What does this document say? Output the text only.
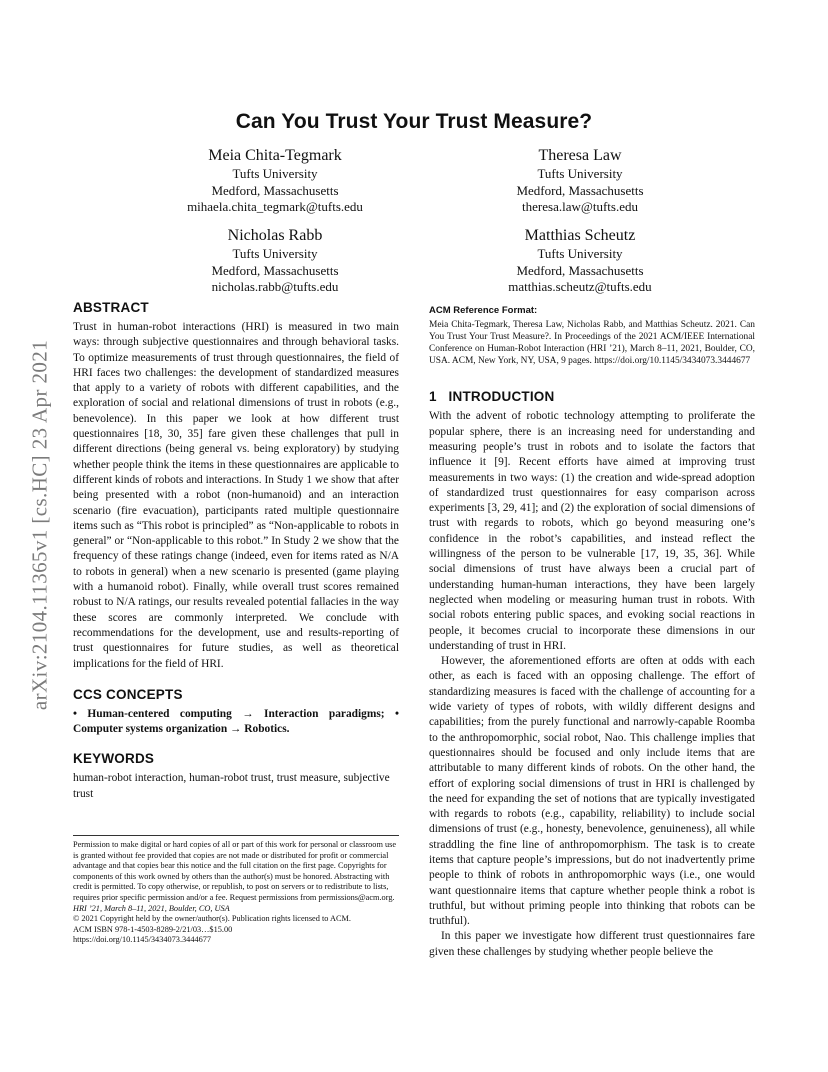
Can You Trust Your Trust Measure?
Meia Chita-Tegmark
Tufts University
Medford, Massachusetts
mihaela.chita_tegmark@tufts.edu
Theresa Law
Tufts University
Medford, Massachusetts
theresa.law@tufts.edu
Nicholas Rabb
Tufts University
Medford, Massachusetts
nicholas.rabb@tufts.edu
Matthias Scheutz
Tufts University
Medford, Massachusetts
matthias.scheutz@tufts.edu
arXiv:2104.11365v1 [cs.HC] 23 Apr 2021
ABSTRACT
Trust in human-robot interactions (HRI) is measured in two main ways: through subjective questionnaires and through behavioral tasks. To optimize measurements of trust through questionnaires, the field of HRI faces two challenges: the development of standardized measures that apply to a variety of robots with different capabilities, and the exploration of social and relational dimensions of trust in robots (e.g., benevolence). In this paper we look at how different trust questionnaires [18, 30, 35] fare given these challenges that pull in different directions (being general vs. being exploratory) by studying whether people think the items in these questionnaires are applicable to different kinds of robots and interactions. In Study 1 we show that after being presented with a robot (non-humanoid) and an interaction scenario (fire evacuation), participants rated multiple questionnaire items such as “This robot is principled” as “Non-applicable to robots in general” or “Non-applicable to this robot.” In Study 2 we show that the frequency of these ratings change (indeed, even for items rated as N/A to robots in general) when a new scenario is presented (game playing with a humanoid robot). Finally, while overall trust scores remained robust to N/A ratings, our results revealed potential fallacies in the way these scores are commonly interpreted. We conclude with recommendations for the development, use and results-reporting of trust questionnaires for future studies, as well as theoretical implications for the field of HRI.
CCS CONCEPTS
• Human-centered computing → Interaction paradigms; • Computer systems organization → Robotics.
KEYWORDS
human-robot interaction, human-robot trust, trust measure, subjective trust
Permission to make digital or hard copies of all or part of this work for personal or classroom use is granted without fee provided that copies are not made or distributed for profit or commercial advantage and that copies bear this notice and the full citation on the first page. Copyrights for components of this work owned by others than the author(s) must be honored. Abstracting with credit is permitted. To copy otherwise, or republish, to post on servers or to redistribute to lists, requires prior specific permission and/or a fee. Request permissions from permissions@acm.org.
HRI ’21, March 8–11, 2021, Boulder, CO, USA
© 2021 Copyright held by the owner/author(s). Publication rights licensed to ACM.
ACM ISBN 978-1-4503-8289-2/21/03…$15.00
https://doi.org/10.1145/3434073.3444677
ACM Reference Format:
Meia Chita-Tegmark, Theresa Law, Nicholas Rabb, and Matthias Scheutz. 2021. Can You Trust Your Trust Measure?. In Proceedings of the 2021 ACM/IEEE International Conference on Human-Robot Interaction (HRI ’21), March 8–11, 2021, Boulder, CO, USA. ACM, New York, NY, USA, 9 pages. https://doi.org/10.1145/3434073.3444677
1   INTRODUCTION

With the advent of robotic technology attempting to proliferate the popular sphere, there is an increasing need for understanding and measuring people’s trust in robots and to isolate the factors that influence it [9]. Recent efforts have aimed at improving trust measurements in two ways: (1) the creation and wide-spread adoption of standardized trust questionnaires for easy comparison across experiments [3, 29, 41]; and (2) the exploration of social dimensions of trust with regards to robots, which go beyond measuring one’s confidence in the robot’s capabilities, and instead reflect the willingness of the person to be vulnerable [17, 19, 35, 36]. While social dimensions of trust have always been a crucial part of understanding human-human interactions, they have been largely neglected when modeling or measuring human trust in robots. With social robots entering public spaces, and evoking social reactions in people, it becomes crucial to incorporate these dimensions in our understanding of trust in HRI.

However, the aforementioned efforts are often at odds with each other, as each is faced with an opposing challenge. The effort of standardizing measures is faced with the challenge of accounting for a wide variety of types of robots, with wildly different designs and capabilities; from the purely functional and narrowly-capable Roomba to the anthropomorphic, social robot, Nao. This challenge implies that questionnaires should be focused and only include items that are attributable to many different kinds of robots. On the other hand, the effort of exploring social dimensions of trust in HRI is challenged by the need for expanding the set of notions that are typically investigated with regards to robots (e.g., capability, reliability) to include social dimensions of trust (e.g., honesty, benevolence, genuineness), all while straddling the fine line of anthropomorphism. The task is to create items that capture people’s impressions, but do not inadvertently prime people to think of robots in anthropomorphic ways (i.e., one would want questionnaire items that capture whether people think a robot is truthful, but without priming people into thinking that robots can be truthful).

In this paper we investigate how different trust questionnaires fare given these challenges by studying whether people believe the
